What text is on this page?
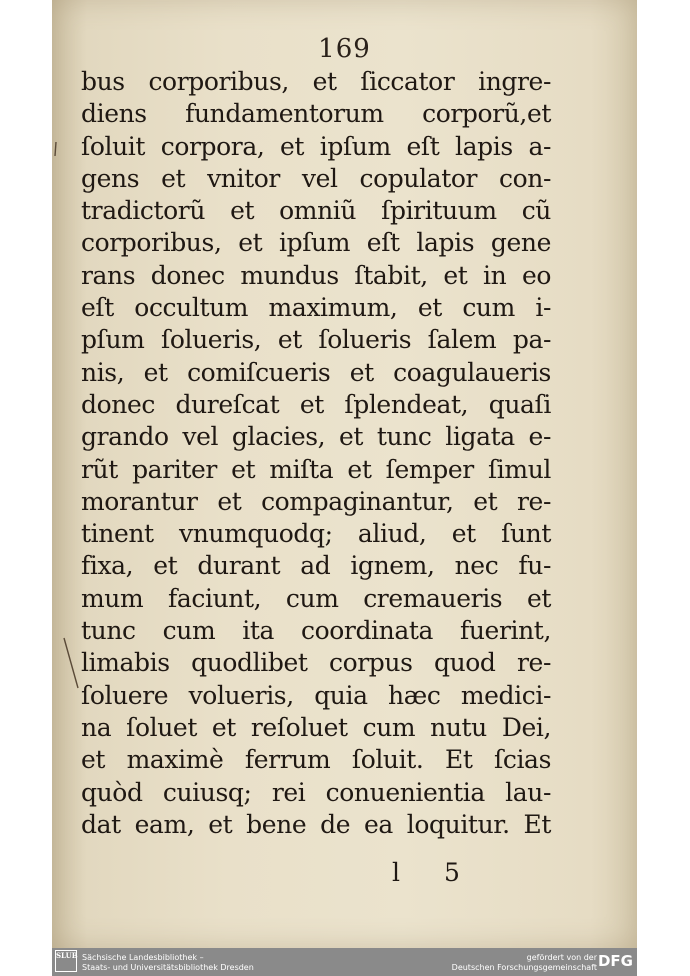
169
bus corporibus, et ſiccator ingre-
diens fundamentorum corporũ,et
ſoluit corpora, et ipſum eſt lapis a-
gens et vnitor vel copulator con-
tradictorũ et omniũ ſpirituum cũ
corporibus, et ipſum eſt lapis gene
rans donec mundus ſtabit, et in eo
eſt occultum maximum, et cum i-
pſum ſolueris, et ſolueris ſalem pa-
nis, et comiſcueris et coagulaueris
donec dureſcat et ſplendeat, quaſi
grando vel glacies, et tunc ligata e-
rũt pariter et miſta et ſemper ſimul
morantur et compaginantur, et re-
tinent vnumquodq; aliud, et ſunt
fixa, et durant ad ignem, nec fu-
mum faciunt, cum cremaueris et
tunc cum ita coordinata fuerint,
limabis quodlibet corpus quod re-
ſoluere volueris, quia hæc medici-
na ſoluet et reſoluet cum nutu Dei,
et maximè ferrum ſoluit. Et ſcias
quòd cuiusq; rei conuenientia lau-
dat eam, et bene de ea loquitur. Et
l 5
SLUB Sächsische Landesbibliothek –
Staats- und Universitätsbibliothek Dresden
gefördert von der
Deutschen Forschungsgemeinschaft DFG
